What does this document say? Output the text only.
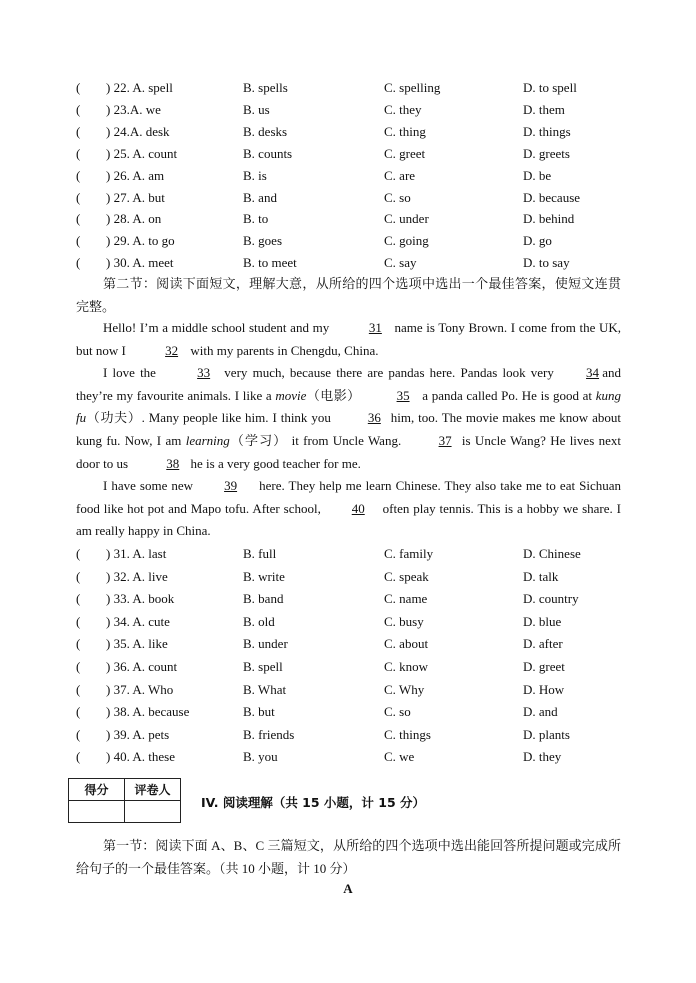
( ) 22. A. spell	B. spells	C. spelling	D. to spell
( ) 23.A. we	B. us	C. they	D. them
( ) 24.A. desk	B. desks	C. thing	D. things
( ) 25. A. count	B. counts	C. greet	D. greets
( ) 26. A. am	B. is	C. are	D. be
( ) 27. A. but	B. and	C. so	D. because
( ) 28. A. on	B. to	C. under	D. behind
( ) 29. A. to go	B. goes	C. going	D. go
( ) 30. A. meet	B. to meet	C. say	D. to say

第二节：阅读下面短文，理解大意，从所给的四个选项中选出一个最佳答案，使短文连贯完整。

Hello! I’m a middle school student and my	31 name is Tony Brown. I come from the UK, but now I	32 with my parents in Chengdu, China.

I love the	33 very much, because there are pandas here. Pandas look very 34 and they’re my favourite animals. I like a movie（电影）	35 a panda called Po. He is good at kung fu（功夫）. Many people like him. I think you	36 him, too. The movie makes me know about kung fu. Now, I am learning（学习） it from Uncle Wang.	37 is Uncle Wang? He lives next door to us	38 he is a very good teacher for me.

I have some new 39 here. They help me learn Chinese. They also take me to eat Sichuan food like hot pot and Mapo tofu. After school, 40 often play tennis. This is a hobby we share. I am really happy in China.

( ) 31. A. last	B. full	C. family	D. Chinese
( ) 32. A. live	B. write	C. speak	D. talk
( ) 33. A. book	B. band	C. name	D. country
( ) 34. A. cute	B. old	C. busy	D. blue
( ) 35. A. like	B. under	C. about	D. after
( ) 36. A. count	B. spell	C. know	D. greet
( ) 37. A. Who	B. What	C. Why	D. How
( ) 38. A. because	B. but	C. so	D. and
( ) 39. A. pets	B. friends	C. things	D. plants
( ) 40. A. these	B. you	C. we	D. they
得分	评卷人

IV. 阅读理解（共 15 小题，计 15 分）

第一节：阅读下面 A、B、C 三篇短文，从所给的四个选项中选出能回答所提问题或完成所给句子的一个最佳答案。（共 10 小题，计 10 分）

A
